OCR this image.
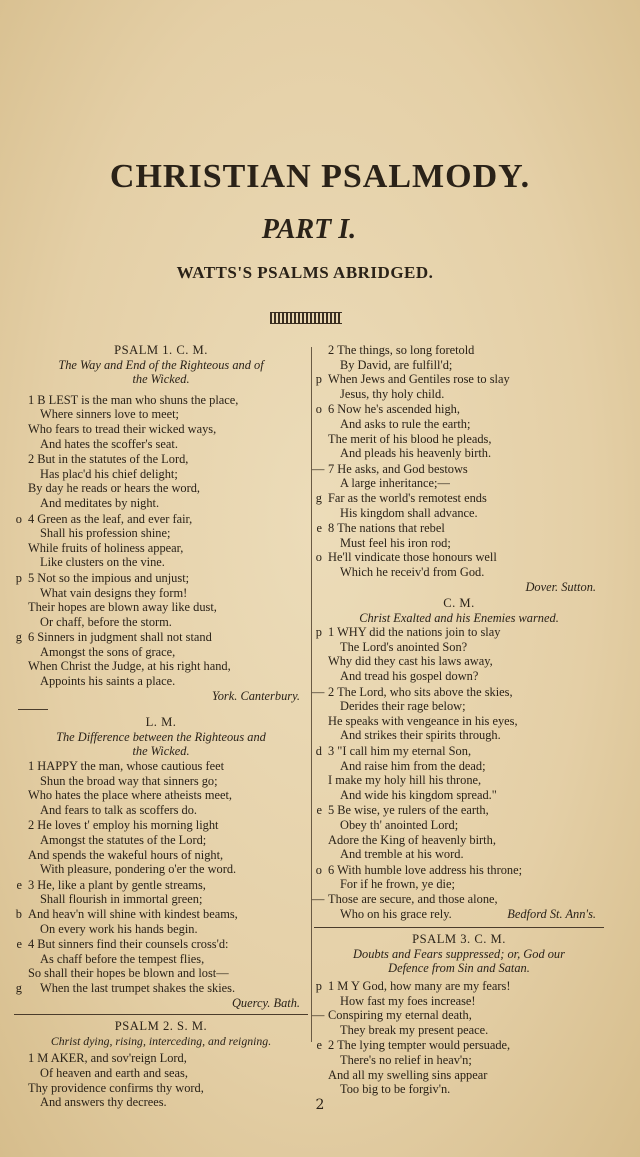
CHRISTIAN PSALMODY.
PART I.
WATTS'S PSALMS ABRIDGED.
PSALM 1. C. M.
The Way and End of the Righteous and of
the Wicked.
1 B LEST is the man who shuns the place,
Where sinners love to meet;
Who fears to tread their wicked ways,
And hates the scoffer's seat.
2 But in the statutes of the Lord,
Has plac'd his chief delight;
By day he reads or hears the word,
And meditates by night.
o 4 Green as the leaf, and ever fair,
Shall his profession shine;
While fruits of holiness appear,
Like clusters on the vine.
p 5 Not so the impious and unjust;
What vain designs they form!
Their hopes are blown away like dust,
Or chaff, before the storm.
g 6 Sinners in judgment shall not stand
Amongst the sons of grace,
When Christ the Judge, at his right hand,
Appoints his saints a place.
York. Canterbury.
L. M.
The Difference between the Righteous and
the Wicked.
1 HAPPY the man, whose cautious feet
Shun the broad way that sinners go;
Who hates the place where atheists meet,
And fears to talk as scoffers do.
2 He loves t' employ his morning light
Amongst the statutes of the Lord;
And spends the wakeful hours of night,
With pleasure, pondering o'er the word.
e 3 He, like a plant by gentle streams,
Shall flourish in immortal green;
b And heav'n will shine with kindest beams,
On every work his hands begin.
e 4 But sinners find their counsels cross'd:
As chaff before the tempest flies,
So shall their hopes be blown and lost—
g When the last trumpet shakes the skies.
Quercy. Bath.
PSALM 2. S. M.
Christ dying, rising, interceding, and reigning.
1 M AKER, and sov'reign Lord,
Of heaven and earth and seas,
Thy providence confirms thy word,
And answers thy decrees.
2 The things, so long foretold
By David, are fulfill'd;
p When Jews and Gentiles rose to slay
Jesus, thy holy child.
o 6 Now he's ascended high,
And asks to rule the earth;
The merit of his blood he pleads,
And pleads his heavenly birth.
— 7 He asks, and God bestows
A large inheritance;—
g Far as the world's remotest ends
His kingdom shall advance.
e 8 The nations that rebel
Must feel his iron rod;
o He'll vindicate those honours well
Which he receiv'd from God.
Dover. Sutton.
C. M.
Christ Exalted and his Enemies warned.
p 1 WHY did the nations join to slay
The Lord's anointed Son?
Why did they cast his laws away,
And tread his gospel down?
— 2 The Lord, who sits above the skies,
Derides their rage below;
He speaks with vengeance in his eyes,
And strikes their spirits through.
d 3 "I call him my eternal Son,
And raise him from the dead;
I make my holy hill his throne,
And wide his kingdom spread."
e 5 Be wise, ye rulers of the earth,
Obey th' anointed Lord;
Adore the King of heavenly birth,
And tremble at his word.
o 6 With humble love address his throne;
For if he frown, ye die;
— Those are secure, and those alone,
Who on his grace rely.	Bedford St. Ann's.
PSALM 3. C. M.
Doubts and Fears suppressed; or, God our
Defence from Sin and Satan.
p 1 M Y God, how many are my fears!
How fast my foes increase!
— Conspiring my eternal death,
They break my present peace.
e 2 The lying tempter would persuade,
There's no relief in heav'n;
And all my swelling sins appear
Too big to be forgiv'n.
2
